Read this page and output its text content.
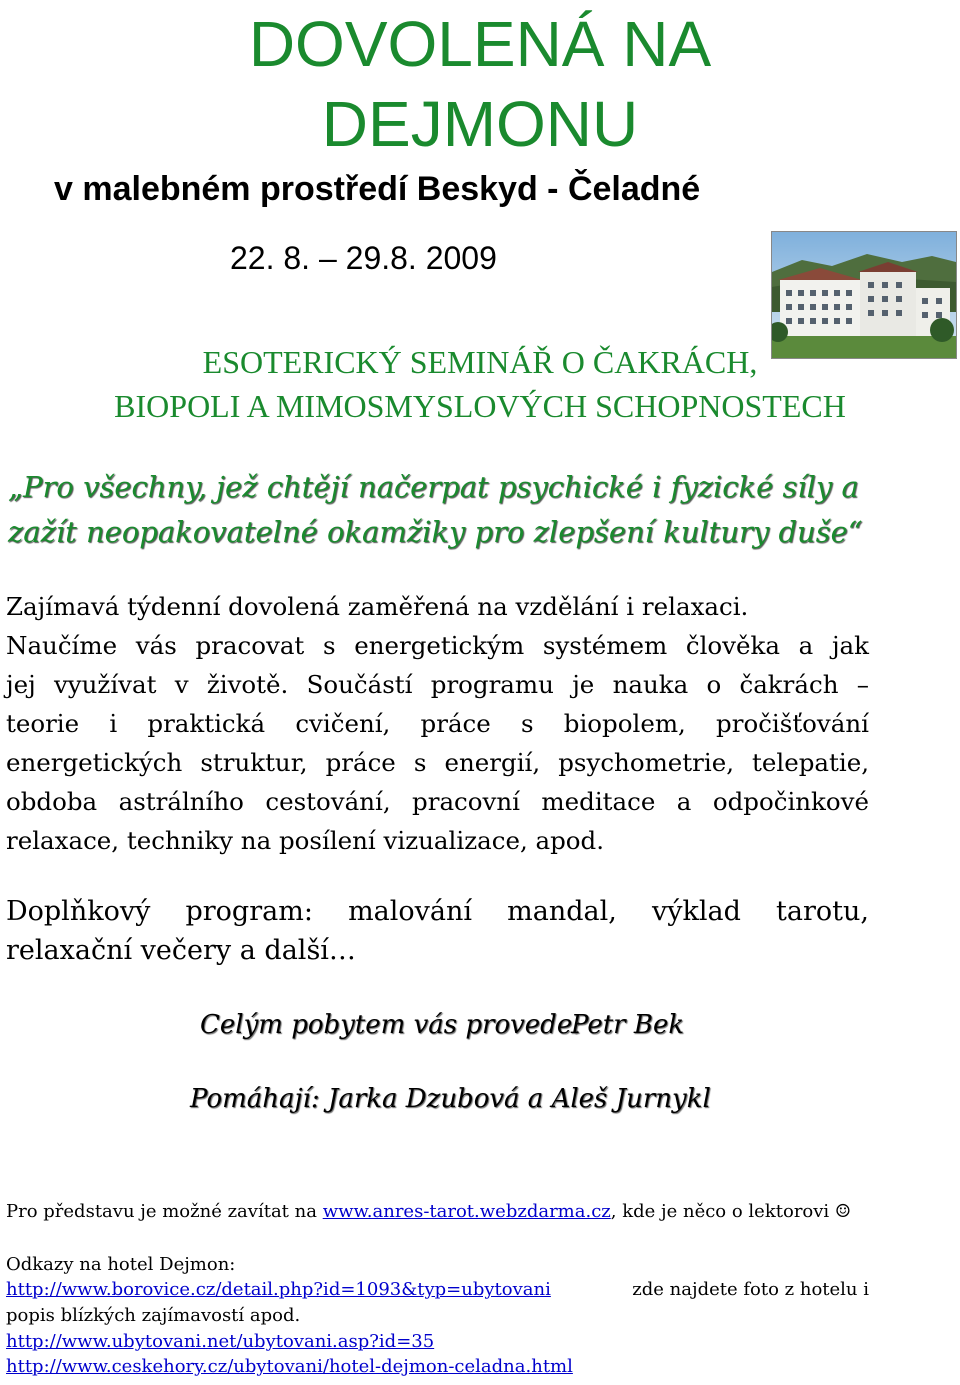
DOVOLENÁ NA
DEJMONU
v malebném prostředí Beskyd - Čeladné
22. 8. – 29.8. 2009
ESOTERICKÝ SEMINÁŘ O ČAKRÁCH,
BIOPOLI A MIMOSMYSLOVÝCH SCHOPNOSTECH
„Pro všechny, jež chtějí načerpat psychické i fyzické síly a
zažít neopakovatelné okamžiky pro zlepšení kultury duše“
Zajímavá týdenní dovolená zaměřená na vzdělání i relaxaci.
Naučíme vás pracovat s energetickým systémem člověka a jak
jej využívat v životě. Součástí programu je nauka o čakrách –
teorie i praktická cvičení, práce s biopolem, pročišťování
energetických struktur, práce s energií, psychometrie, telepatie,
obdoba astrálního cestování, pracovní meditace a odpočinkové
relaxace, techniky na posílení vizualizace, apod.
Doplňkový program: malování mandal, výklad tarotu,
relaxační večery a další…
Celým pobytem vás provede:
Petr Bek
Pomáhají: Jarka Dzubová a Aleš Jurnykl
Pro představu je možné zavítat na www.anres-tarot.webzdarma.cz, kde je něco o lektorovi ☺
Odkazy na hotel Dejmon:
http://www.borovice.cz/detail.php?id=1093&typ=ubytovani	zde najdete foto z hotelu i
popis blízkých zajímavostí apod.
http://www.ubytovani.net/ubytovani.asp?id=35
http://www.ceskehory.cz/ubytovani/hotel-dejmon-celadna.html
